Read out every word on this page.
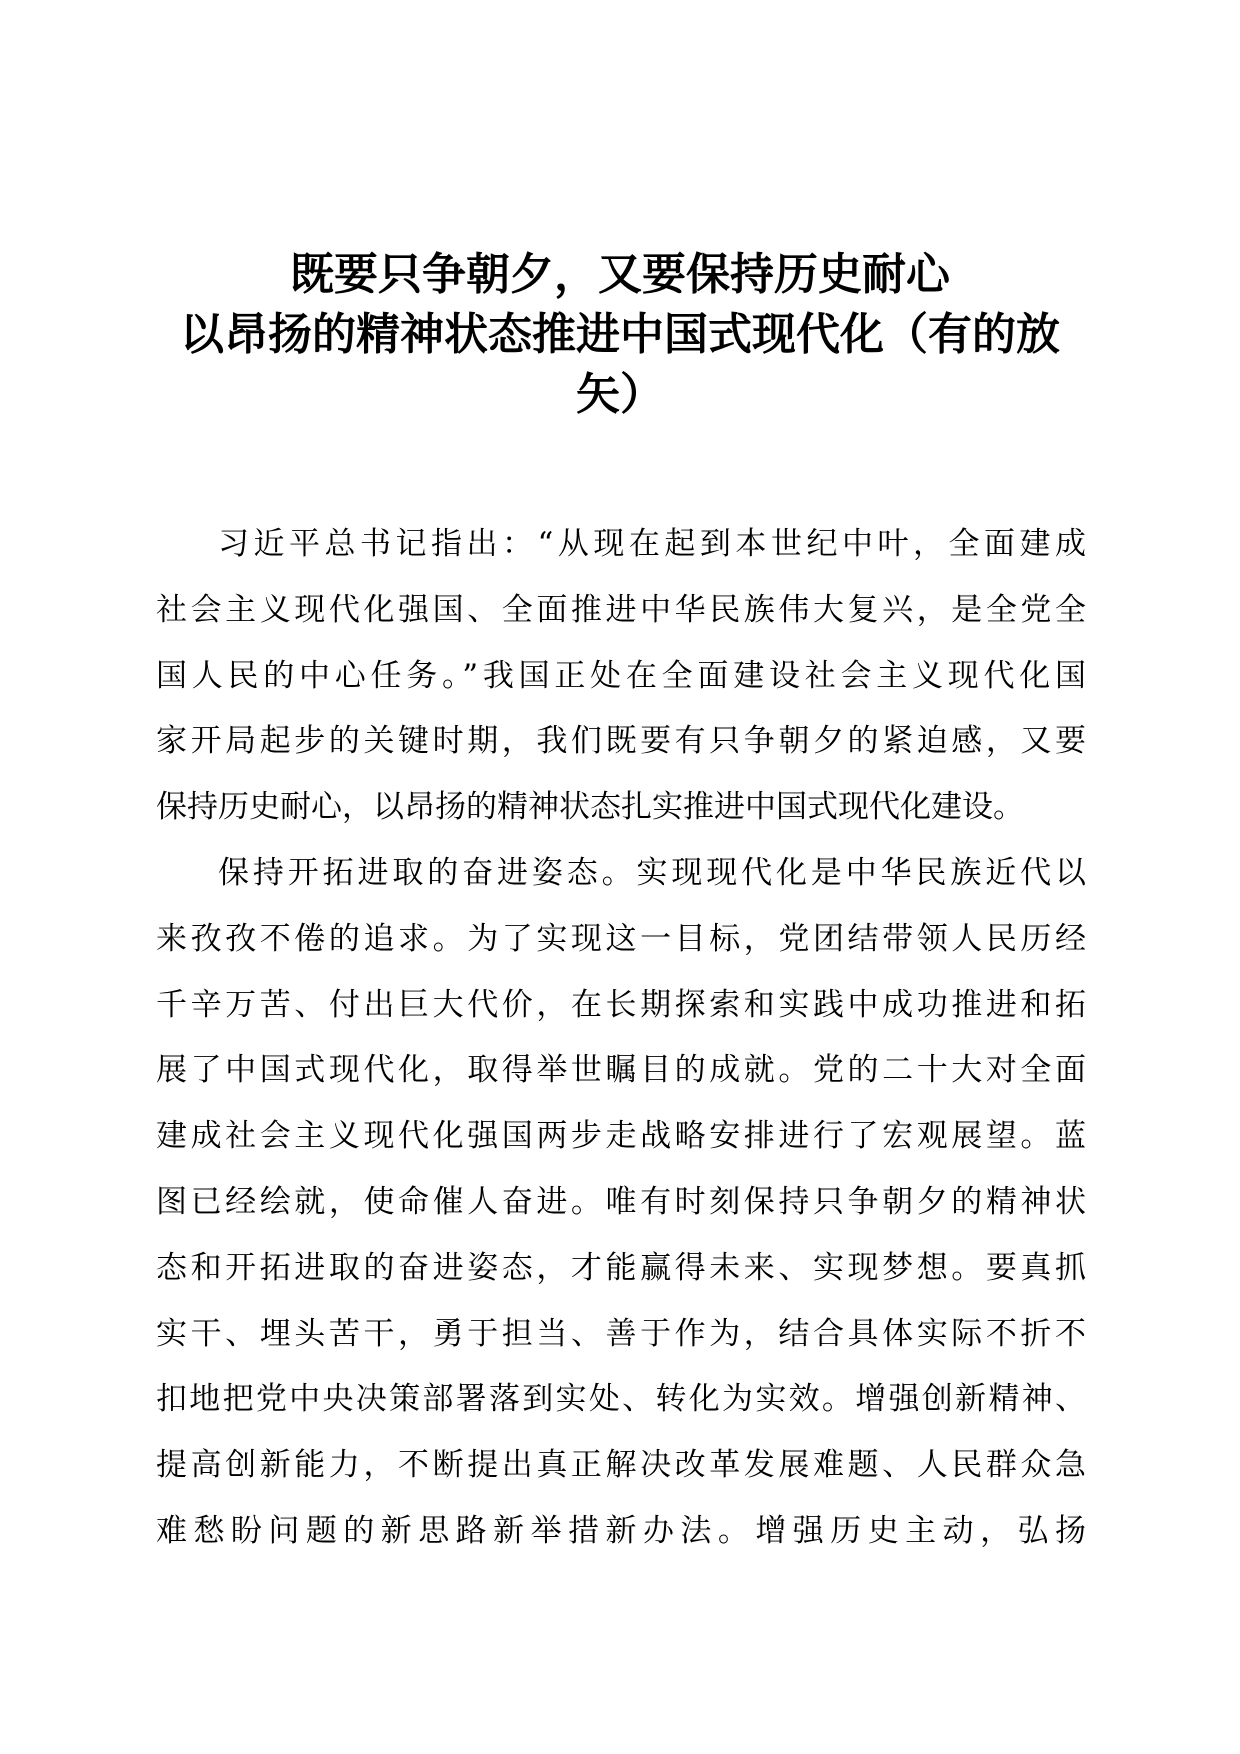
既要只争朝夕，又要保持历史耐心
以昂扬的精神状态推进中国式现代化（有的放
矢）
习近平总书记指出：“从现在起到本世纪中叶，全面建成
社会主义现代化强国、全面推进中华民族伟大复兴，是全党全
国人民的中心任务。”我国正处在全面建设社会主义现代化国
家开局起步的关键时期，我们既要有只争朝夕的紧迫感，又要
保持历史耐心，以昂扬的精神状态扎实推进中国式现代化建设。
保持开拓进取的奋进姿态。实现现代化是中华民族近代以
来孜孜不倦的追求。为了实现这一目标，党团结带领人民历经
千辛万苦、付出巨大代价，在长期探索和实践中成功推进和拓
展了中国式现代化，取得举世瞩目的成就。党的二十大对全面
建成社会主义现代化强国两步走战略安排进行了宏观展望。蓝
图已经绘就，使命催人奋进。唯有时刻保持只争朝夕的精神状
态和开拓进取的奋进姿态，才能赢得未来、实现梦想。要真抓
实干、埋头苦干，勇于担当、善于作为，结合具体实际不折不
扣地把党中央决策部署落到实处、转化为实效。增强创新精神、
提高创新能力，不断提出真正解决改革发展难题、人民群众急
难愁盼问题的新思路新举措新办法。增强历史主动，弘扬
